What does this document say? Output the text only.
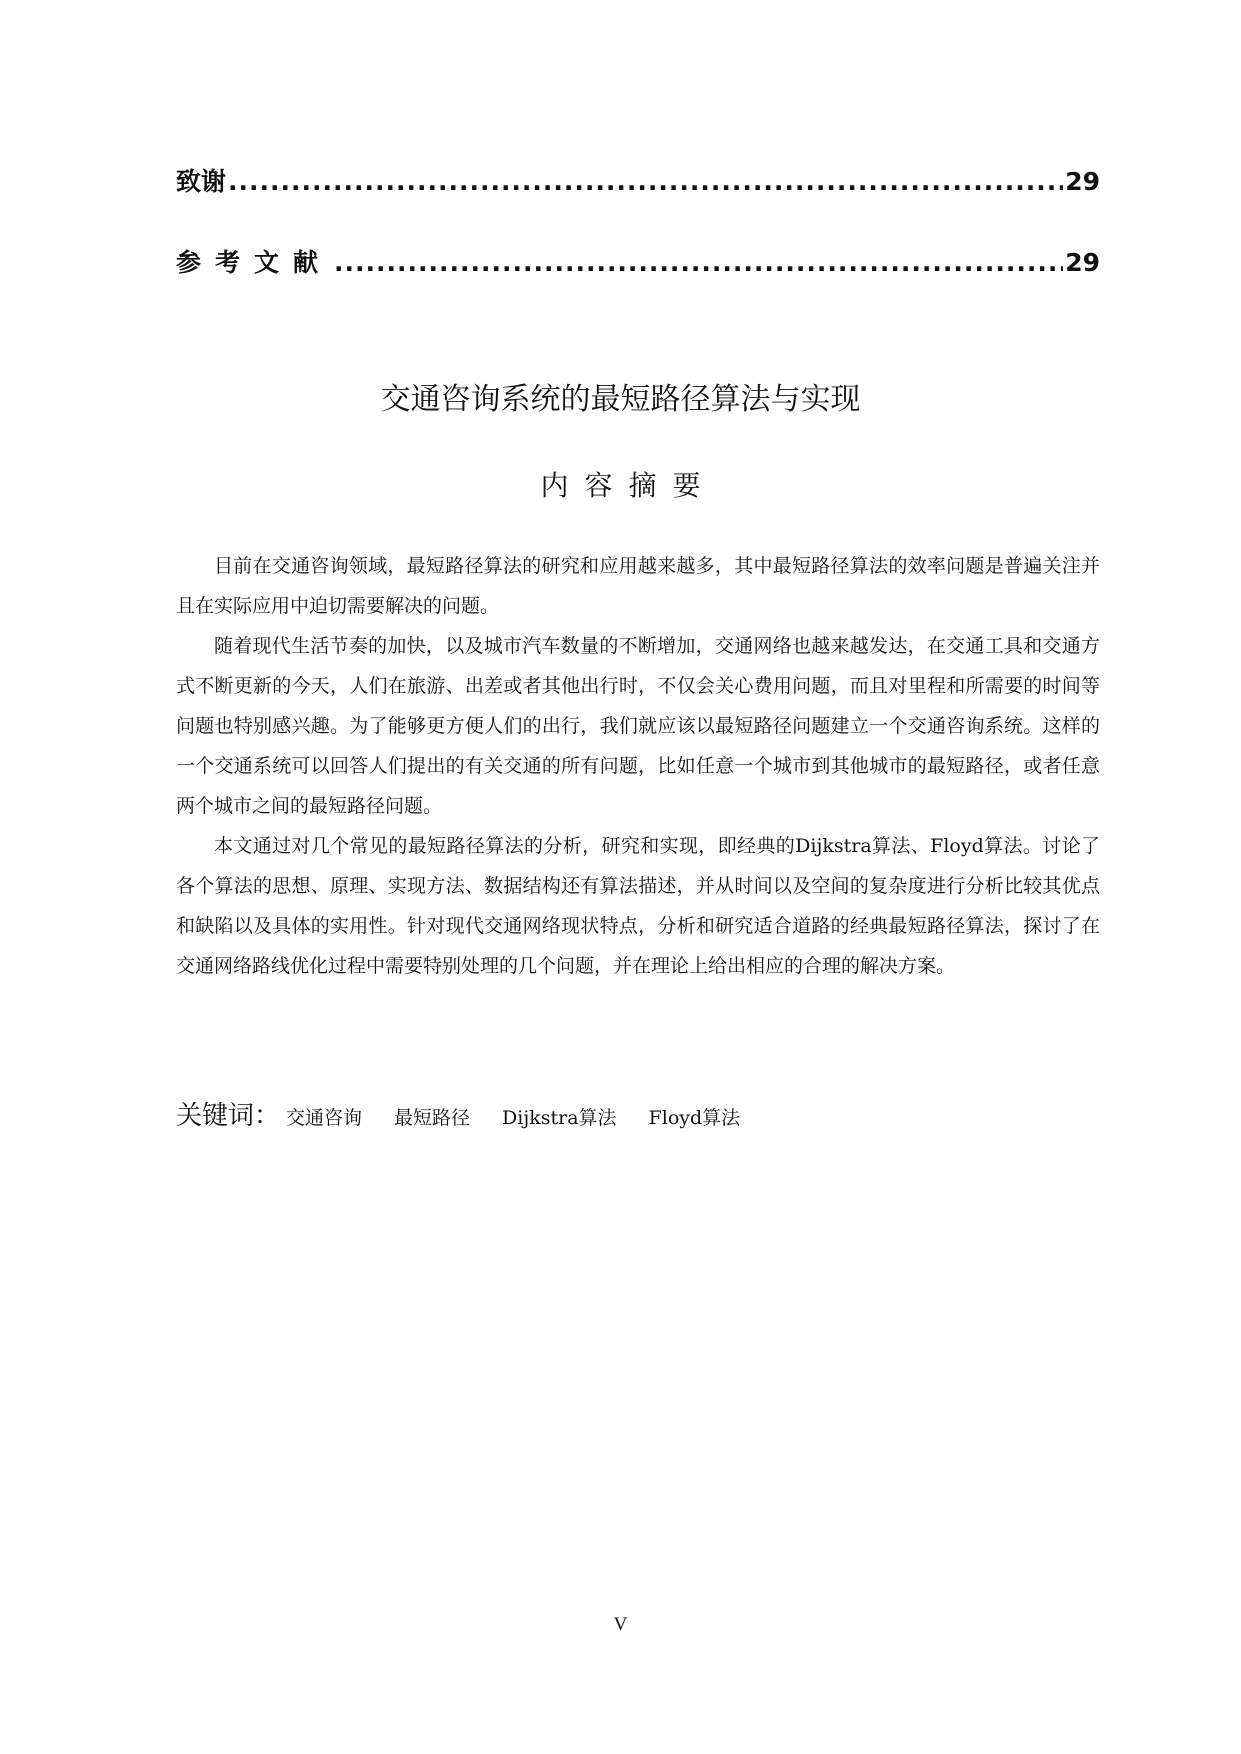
致谢 .....	29
参考文献 .....	29
交通咨询系统的最短路径算法与实现
内容摘要

目前在交通咨询领域，最短路径算法的研究和应用越来越多，其中最短路径算法的效率问题是普遍关注并且在实际应用中迫切需要解决的问题。

随着现代生活节奏的加快，以及城市汽车数量的不断增加，交通网络也越来越发达，在交通工具和交通方式不断更新的今天，人们在旅游、出差或者其他出行时，不仅会关心费用问题，而且对里程和所需要的时间等问题也特别感兴趣。为了能够更方便人们的出行，我们就应该以最短路径问题建立一个交通咨询系统。这样的一个交通系统可以回答人们提出的有关交通的所有问题，比如任意一个城市到其他城市的最短路径，或者任意两个城市之间的最短路径问题。

本文通过对几个常见的最短路径算法的分析，研究和实现，即经典的Dijkstra算法、Floyd算法。讨论了各个算法的思想、原理、实现方法、数据结构还有算法描述，并从时间以及空间的复杂度进行分析比较其优点和缺陷以及具体的实用性。针对现代交通网络现状特点，分析和研究适合道路的经典最短路径算法，探讨了在交通网络路线优化过程中需要特别处理的几个问题，并在理论上给出相应的合理的解决方案。

关键词： 交通咨询 最短路径 Dijkstra算法 Floyd算法
V
